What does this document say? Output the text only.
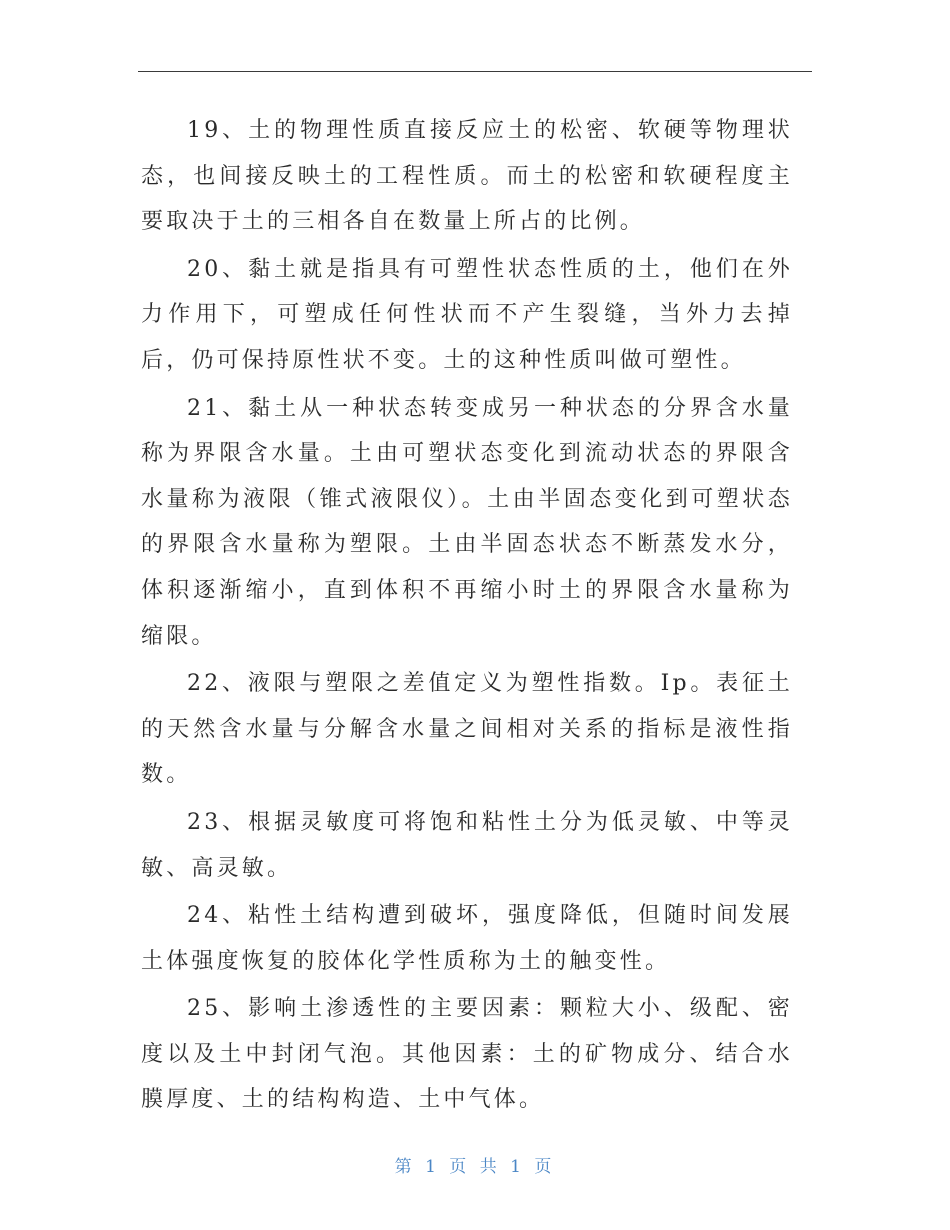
19、土的物理性质直接反应土的松密、软硬等物理状态，也间接反映土的工程性质。而土的松密和软硬程度主要取决于土的三相各自在数量上所占的比例。

20、黏土就是指具有可塑性状态性质的土，他们在外力作用下，可塑成任何性状而不产生裂缝，当外力去掉后，仍可保持原性状不变。土的这种性质叫做可塑性。

21、黏土从一种状态转变成另一种状态的分界含水量称为界限含水量。土由可塑状态变化到流动状态的界限含水量称为液限（锥式液限仪）。土由半固态变化到可塑状态的界限含水量称为塑限。土由半固态状态不断蒸发水分，体积逐渐缩小，直到体积不再缩小时土的界限含水量称为缩限。

22、液限与塑限之差值定义为塑性指数。Ip。表征土的天然含水量与分解含水量之间相对关系的指标是液性指数。

23、根据灵敏度可将饱和粘性土分为低灵敏、中等灵敏、高灵敏。

24、粘性土结构遭到破坏，强度降低，但随时间发展土体强度恢复的胶体化学性质称为土的触变性。

25、影响土渗透性的主要因素：颗粒大小、级配、密度以及土中封闭气泡。其他因素：土的矿物成分、结合水膜厚度、土的结构构造、土中气体。

第 1 页 共 1 页
